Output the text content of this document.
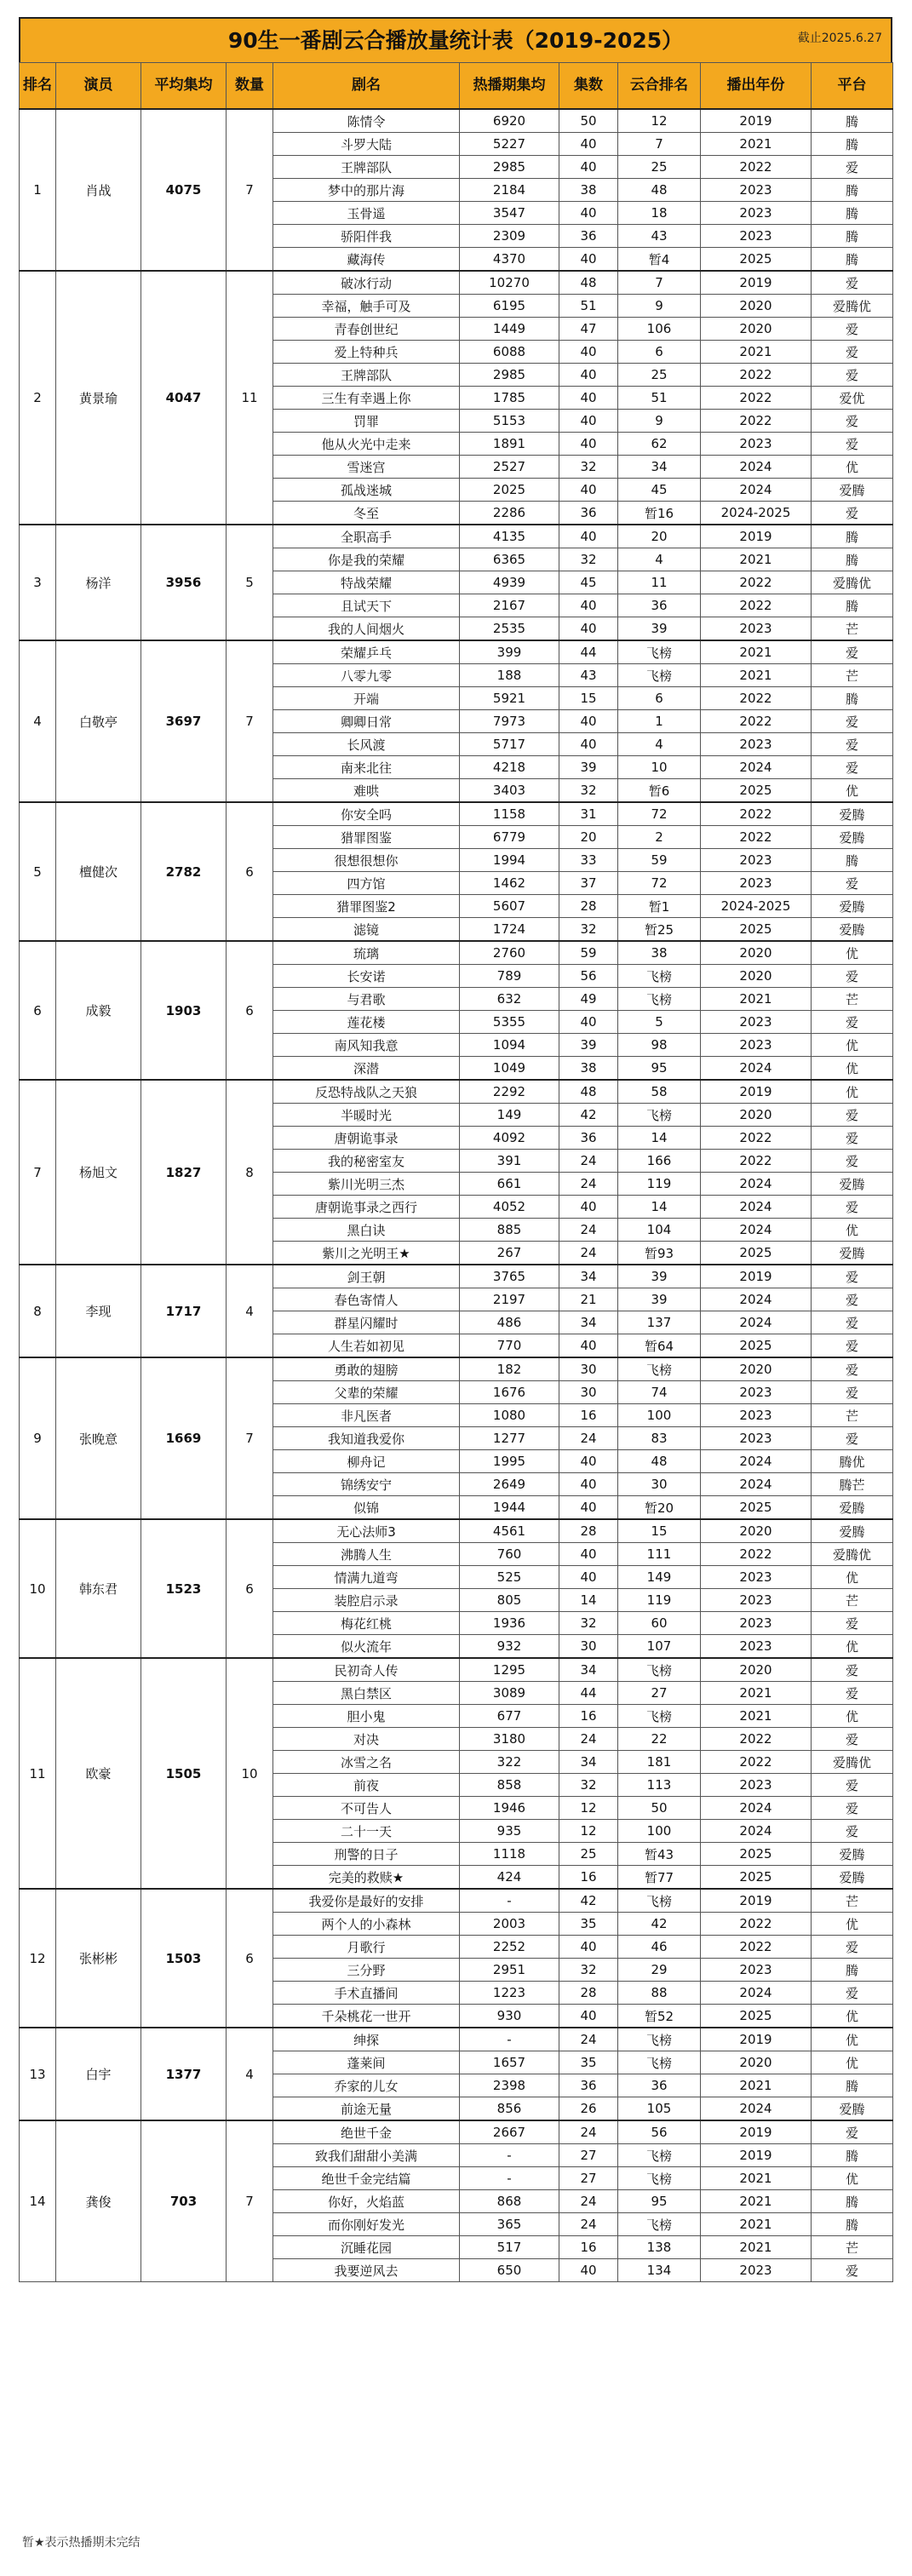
90生一番剧云合播放量统计表（2019-2025）	截止2025.6.27
排名	演员	平均集均	数量	剧名	热播期集均	集数	云合排名	播出年份	平台
1	肖战	4075	7	陈情令	6920	50	12	2019	腾
				斗罗大陆	5227	40	7	2021	腾
				王牌部队	2985	40	25	2022	爱
				梦中的那片海	2184	38	48	2023	腾
				玉骨遥	3547	40	18	2023	腾
				骄阳伴我	2309	36	43	2023	腾
				藏海传	4370	40	暂4	2025	腾
2	黄景瑜	4047	11	破冰行动	10270	48	7	2019	爱
				幸福，触手可及	6195	51	9	2020	爱腾优
				青春创世纪	1449	47	106	2020	爱
				爱上特种兵	6088	40	6	2021	爱
				王牌部队	2985	40	25	2022	爱
				三生有幸遇上你	1785	40	51	2022	爱优
				罚罪	5153	40	9	2022	爱
				他从火光中走来	1891	40	62	2023	爱
				雪迷宫	2527	32	34	2024	优
				孤战迷城	2025	40	45	2024	爱腾
				冬至	2286	36	暂16	2024-2025	爱
3	杨洋	3956	5	全职高手	4135	40	20	2019	腾
				你是我的荣耀	6365	32	4	2021	腾
				特战荣耀	4939	45	11	2022	爱腾优
				且试天下	2167	40	36	2022	腾
				我的人间烟火	2535	40	39	2023	芒
4	白敬亭	3697	7	荣耀乒乓	399	44	飞榜	2021	爱
				八零九零	188	43	飞榜	2021	芒
				开端	5921	15	6	2022	腾
				卿卿日常	7973	40	1	2022	爱
				长风渡	5717	40	4	2023	爱
				南来北往	4218	39	10	2024	爱
				难哄	3403	32	暂6	2025	优
5	檀健次	2782	6	你安全吗	1158	31	72	2022	爱腾
				猎罪图鉴	6779	20	2	2022	爱腾
				很想很想你	1994	33	59	2023	腾
				四方馆	1462	37	72	2023	爱
				猎罪图鉴2	5607	28	暂1	2024-2025	爱腾
				滤镜	1724	32	暂25	2025	爱腾
6	成毅	1903	6	琉璃	2760	59	38	2020	优
				长安诺	789	56	飞榜	2020	爱
				与君歌	632	49	飞榜	2021	芒
				莲花楼	5355	40	5	2023	爱
				南风知我意	1094	39	98	2023	优
				深潜	1049	38	95	2024	优
7	杨旭文	1827	8	反恐特战队之天狼	2292	48	58	2019	优
				半暖时光	149	42	飞榜	2020	爱
				唐朝诡事录	4092	36	14	2022	爱
				我的秘密室友	391	24	166	2022	爱
				紫川光明三杰	661	24	119	2024	爱腾
				唐朝诡事录之西行	4052	40	14	2024	爱
				黑白诀	885	24	104	2024	优
				紫川之光明王★	267	24	暂93	2025	爱腾
8	李现	1717	4	剑王朝	3765	34	39	2019	爱
				春色寄情人	2197	21	39	2024	爱
				群星闪耀时	486	34	137	2024	爱
				人生若如初见	770	40	暂64	2025	爱
9	张晚意	1669	7	勇敢的翅膀	182	30	飞榜	2020	爱
				父辈的荣耀	1676	30	74	2023	爱
				非凡医者	1080	16	100	2023	芒
				我知道我爱你	1277	24	83	2023	爱
				柳舟记	1995	40	48	2024	腾优
				锦绣安宁	2649	40	30	2024	腾芒
				似锦	1944	40	暂20	2025	爱腾
10	韩东君	1523	6	无心法师3	4561	28	15	2020	爱腾
				沸腾人生	760	40	111	2022	爱腾优
				情满九道弯	525	40	149	2023	优
				装腔启示录	805	14	119	2023	芒
				梅花红桃	1936	32	60	2023	爱
				似火流年	932	30	107	2023	优
11	欧豪	1505	10	民初奇人传	1295	34	飞榜	2020	爱
				黑白禁区	3089	44	27	2021	爱
				胆小鬼	677	16	飞榜	2021	优
				对决	3180	24	22	2022	爱
				冰雪之名	322	34	181	2022	爱腾优
				前夜	858	32	113	2023	爱
				不可告人	1946	12	50	2024	爱
				二十一天	935	12	100	2024	爱
				刑警的日子	1118	25	暂43	2025	爱腾
				完美的救赎★	424	16	暂77	2025	爱腾
12	张彬彬	1503	6	我爱你是最好的安排	-	42	飞榜	2019	芒
				两个人的小森林	2003	35	42	2022	优
				月歌行	2252	40	46	2022	爱
				三分野	2951	32	29	2023	腾
				手术直播间	1223	28	88	2024	爱
				千朵桃花一世开	930	40	暂52	2025	优
13	白宇	1377	4	绅探	-	24	飞榜	2019	优
				蓬莱间	1657	35	飞榜	2020	优
				乔家的儿女	2398	36	36	2021	腾
				前途无量	856	26	105	2024	爱腾
14	龚俊	703	7	绝世千金	2667	24	56	2019	爱
				致我们甜甜小美满	-	27	飞榜	2019	腾
				绝世千金完结篇	-	27	飞榜	2021	优
				你好，火焰蓝	868	24	95	2021	腾
				而你刚好发光	365	24	飞榜	2021	腾
				沉睡花园	517	16	138	2021	芒
				我要逆风去	650	40	134	2023	爱
暂★表示热播期未完结
